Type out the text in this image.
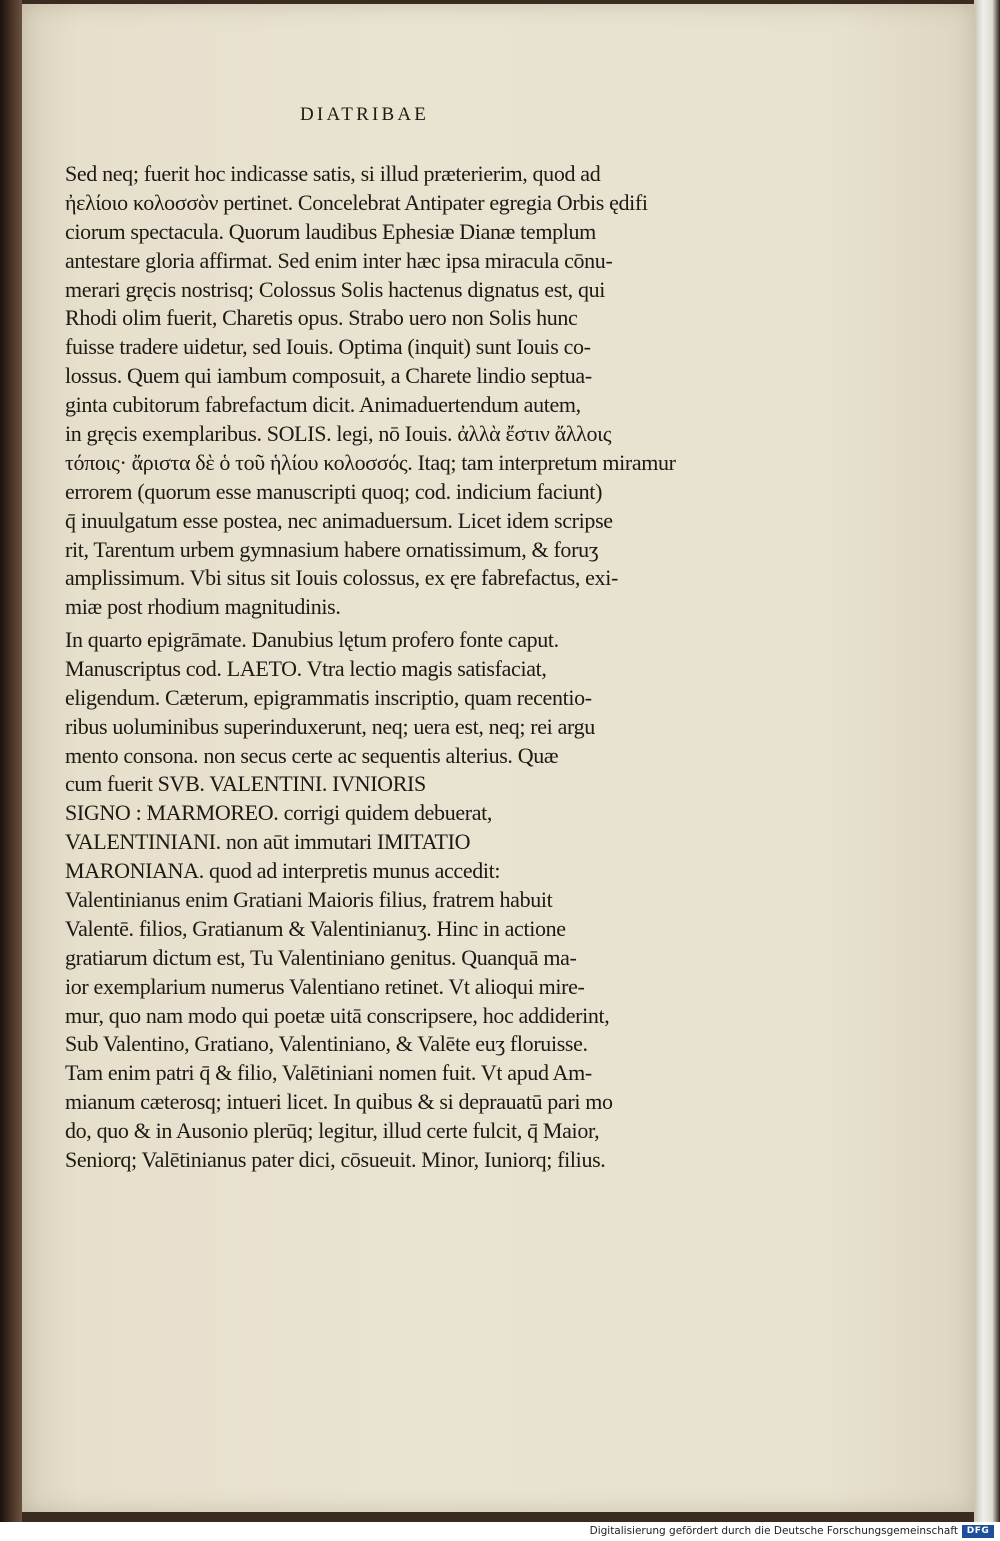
DIATRIBAE
Sed neq; fuerit hoc indicasse satis, si illud præterierim, quod ad
ἠελίοιο κολοσσὸν pertinet. Concelebrat Antipater egregia Orbis ędifi
ciorum spectacula. Quorum laudibus Ephesiæ Dianæ templum
antestare gloria affirmat. Sed enim inter hæc ipsa miracula cōnu-
merari gręcis nostrisq; Colossus Solis hactenus dignatus est, qui
Rhodi olim fuerit, Charetis opus. Strabo uero non Solis hunc
fuisse tradere uidetur, sed Iouis. Optima (inquit) sunt Iouis co-
lossus. Quem qui iambum composuit, a Charete lindio septua-
ginta cubitorum fabrefactum dicit. Animaduertendum autem,
in gręcis exemplaribus. SOLIS. legi, nō Iouis. ἀλλὰ ἔστιν ἄλλοις
τόποις· ἄριστα δὲ ὁ τοῦ ἡλίου κολοσσός. Itaq; tam interpretum miramur
errorem (quorum esse manuscripti quoq; cod. indicium faciunt)
q̄ inuulgatum esse postea, nec animaduersum. Licet idem scripse
rit, Tarentum urbem gymnasium habere ornatissimum, & foruʒ
amplissimum. Vbi situs sit Iouis colossus, ex ęre fabrefactus, exi-
miæ post rhodium magnitudinis.
In quarto epigrāmate. Danubius lętum profero fonte caput.
Manuscriptus cod. LAETO. Vtra lectio magis satisfaciat,
eligendum. Cæterum, epigrammatis inscriptio, quam recentio-
ribus uoluminibus superinduxerunt, neq; uera est, neq; rei argu
mento consona. non secus certe ac sequentis alterius. Quæ
cum fuerit SVB. VALENTINI. IVNIORIS
SIGNO : MARMOREO. corrigi quidem debuerat,
VALENTINIANI. non aūt immutari IMITATIO
MARONIANA. quod ad interpretis munus accedit:
Valentinianus enim Gratiani Maioris filius, fratrem habuit
Valentē. filios, Gratianum & Valentinianuʒ. Hinc in actione
gratiarum dictum est, Tu Valentiniano genitus. Quanquā ma-
ior exemplarium numerus Valentiano retinet. Vt alioqui mire-
mur, quo nam modo qui poetæ uitā conscripsere, hoc addiderint,
Sub Valentino, Gratiano, Valentiniano, & Valēte euʒ floruisse.
Tam enim patri q̄ & filio, Valētiniani nomen fuit. Vt apud Am-
mianum cæterosq; intueri licet. In quibus & si deprauatū pari mo
do, quo & in Ausonio plerūq; legitur, illud certe fulcit, q̄ Maior,
Seniorq; Valētinianus pater dici, cōsueuit. Minor, Iuniorq; filius.
Digitalisierung gefördert durch die Deutsche Forschungsgemeinschaft DFG
